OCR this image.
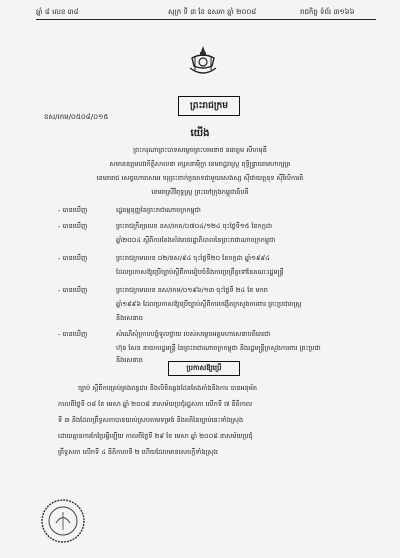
ឆ្នាំ ៨ លេខ ៣៨	សុក្រ ទី ៣ ខែ ឧសភា ឆ្នាំ ២០០៨	រាជកិច្ច ទំព័រ ៣១៦៦
ព្រះរាជក្រម
នស/រកម/០៥០៨/០១៥
យើង
ព្រះករុណាព្រះបាទសម្តេចព្រះបរមនាថ នរោត្តម សីហមុនី
សមានឧត្តមបវរកិត្តិសាលនា រក្សតនាម៉ិក្ខា ខេមរាដ្ឋរាស្ត្រ ពុទ្ធិន្រ្ទាធរាមហាក្សត្រ
ខេមរារាជ រសព្វហោរាសអេ ទរុព្រះពាក់ប្រភេទជាមួយសេងស្ស ស៊ីវោយត្តនុទ ស៊ីវិលិការតិ
ខេមរាស្រីវិពុទ្ធស្រ្ត ព្រះចៅក្រុងកម្ពុជាធិបតី
- បានឃើញ	រដ្ឋធម្មនុញ្ញនៃព្រះរាជាណាចក្រកម្ពុជា
- បានឃើញ	ព្រះរាជក្រឹត្យលេខ នស/រកត/០៧០៤/១២៤ ចុះថ្ងៃទី១៥ ខែកក្កដា
ឆ្នាំ២០០៤ ស្តីពីការតែងតាំងរាជរដ្ឋាភិបាលនៃព្រះរាជាណាចក្រកម្ពុជា
- បានឃើញ	ព្រះរាជក្រមលេខ ០២/នស/៩៤ ចុះថ្ងៃទី២០ ខែកក្កដា ឆ្នាំ១៩៩៤
ដែលប្រកាសឱ្យប្រើច្បាប់ស្តីពីការរៀបចំនិងការប្រព្រឹត្តទៅនៃគណៈរដ្ឋមន្ត្រី
- បានឃើញ	ព្រះរាជក្រមលេខ នស/រកម/០១៩៦/១៣ ចុះថ្ងៃទី ២៤ ខែ មករា
ឆ្នាំ១៩៩៦ ដែលប្រកាសឱ្យប្រើច្បាប់ស្តីពីការបង្កើតក្រសួងការពារ ព្រះប្រជារាស្ត្រ
និងសេនាធ
- បានឃើញ	សំណើសុំក្រាបបង្គំទូលថ្វាយ របស់សម្តេចអគ្គមហាសេនាបតីតេជោ
ហ៊ុន សែន នាយករដ្ឋមន្ត្រី នៃព្រះរាជាណាចក្រកម្ពុជា និងរដ្ឋមន្ត្រីក្រសួងការពារ ព្រះប្រជា
និងសេនាធ
ប្រកាសឱ្យប្រើ
ច្បាប់ ស្តីពីការគ្រប់គ្រងពន្ធដារ និងលិខិតឆ្លងដែនតែងតាំងនិងការ បានអនុម័ត
កាលពីថ្ងៃទី ០៨ ខែ មេសា ឆ្នាំ ២០០៨ នាសម័យប្រជុំរដ្ឋសភា លើកទី ៧ នីតិកាល
ទី ៣ និងដែលព្រឹទ្ធសភាបានយល់ស្របតាមទម្រង់ និងគតិនៃច្បាប់នេះទាំងស្រុង
ដោយគ្មានការកែប្រែអ្វីឡើយ កាលពីថ្ងៃទី ២៩ ខែ មេសា ឆ្នាំ ២០០៨ នាសម័យប្រជុំ
ព្រឹទ្ធសភា លើកទី ៤ នីតិកាលទី ២ ហើយដែលមានសេចក្តីទាំងស្រុង
